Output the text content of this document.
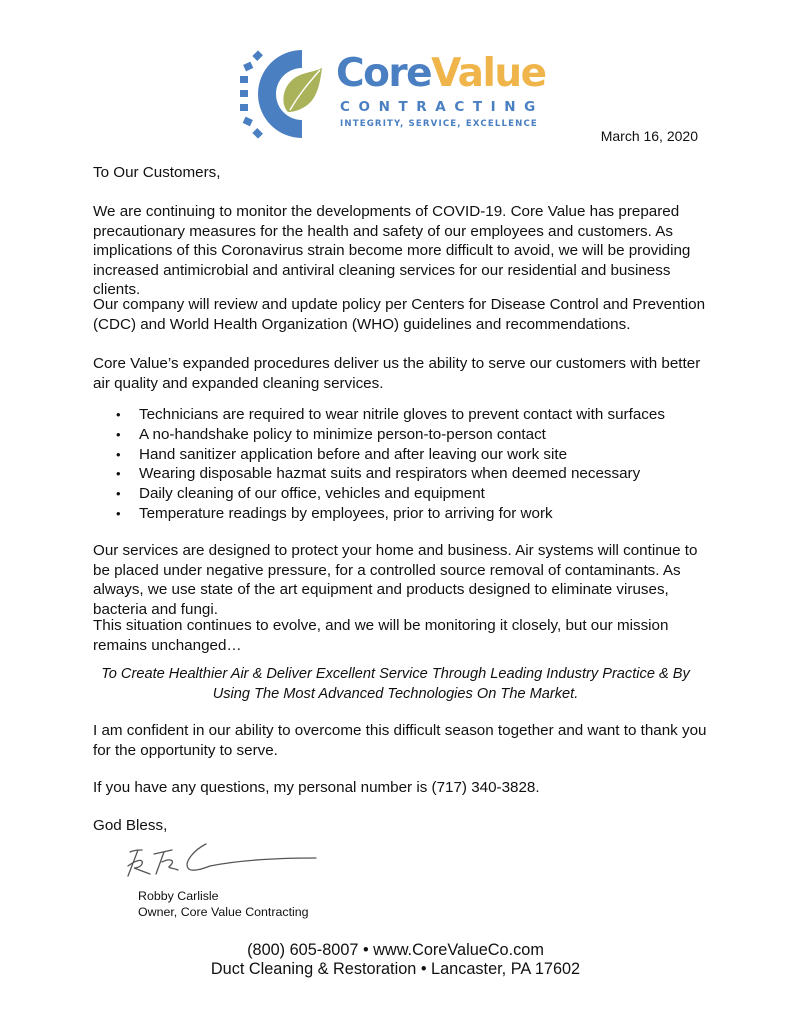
CoreValue
CONTRACTING
INTEGRITY, SERVICE, EXCELLENCE
March 16, 2020
To Our Customers,
We are continuing to monitor the developments of COVID-19. Core Value has prepared precautionary measures for the health and safety of our employees and customers. As implications of this Coronavirus strain become more difficult to avoid, we will be providing increased antimicrobial and antiviral cleaning services for our residential and business clients.
Our company will review and update policy per Centers for Disease Control and Prevention (CDC) and World Health Organization (WHO) guidelines and recommendations.
Core Value’s expanded procedures deliver us the ability to serve our customers with better air quality and expanded cleaning services.
• Technicians are required to wear nitrile gloves to prevent contact with surfaces
• A no-handshake policy to minimize person-to-person contact
• Hand sanitizer application before and after leaving our work site
• Wearing disposable hazmat suits and respirators when deemed necessary
• Daily cleaning of our office, vehicles and equipment
• Temperature readings by employees, prior to arriving for work
Our services are designed to protect your home and business. Air systems will continue to be placed under negative pressure, for a controlled source removal of contaminants. As always, we use state of the art equipment and products designed to eliminate viruses, bacteria and fungi.
This situation continues to evolve, and we will be monitoring it closely, but our mission remains unchanged…
To Create Healthier Air & Deliver Excellent Service Through Leading Industry Practice & By Using The Most Advanced Technologies On The Market.
I am confident in our ability to overcome this difficult season together and want to thank you for the opportunity to serve.
If you have any questions, my personal number is (717) 340-3828.
God Bless,
Robby Carlisle
Owner, Core Value Contracting
(800) 605-8007 • www.CoreValueCo.com
Duct Cleaning & Restoration • Lancaster, PA 17602
